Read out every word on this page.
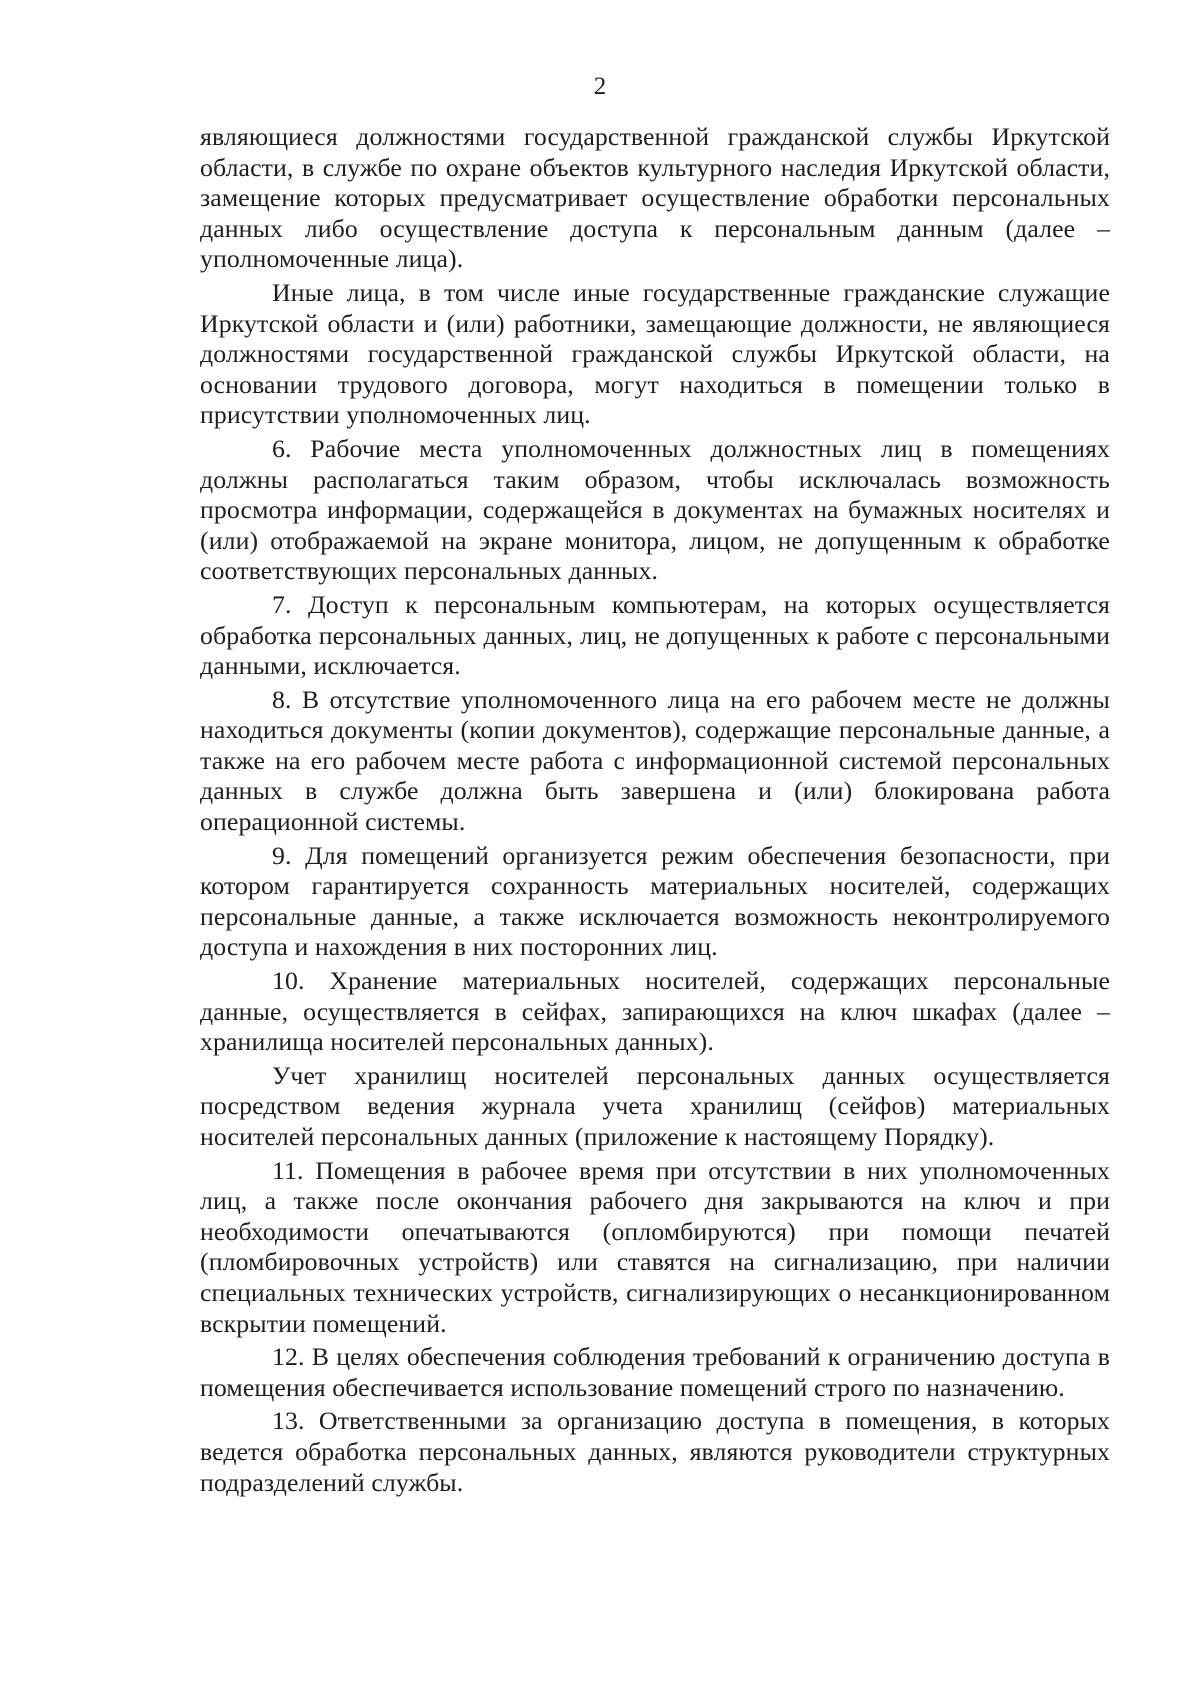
2

являющиеся должностями государственной гражданской службы Иркутской области, в службе по охране объектов культурного наследия Иркутской области, замещение которых предусматривает осуществление обработки персональных данных либо осуществление доступа к персональным данным (далее – уполномоченные лица).

Иные лица, в том числе иные государственные гражданские служащие Иркутской области и (или) работники, замещающие должности, не являющиеся должностями государственной гражданской службы Иркутской области, на основании трудового договора, могут находиться в помещении только в присутствии уполномоченных лиц.

6. Рабочие места уполномоченных должностных лиц в помещениях должны располагаться таким образом, чтобы исключалась возможность просмотра информации, содержащейся в документах на бумажных носителях и (или) отображаемой на экране монитора, лицом, не допущенным к обработке соответствующих персональных данных.

7. Доступ к персональным компьютерам, на которых осуществляется обработка персональных данных, лиц, не допущенных к работе с персональными данными, исключается.

8. В отсутствие уполномоченного лица на его рабочем месте не должны находиться документы (копии документов), содержащие персональные данные, а также на его рабочем месте работа с информационной системой персональных данных в службе должна быть завершена и (или) блокирована работа операционной системы.

9. Для помещений организуется режим обеспечения безопасности, при котором гарантируется сохранность материальных носителей, содержащих персональные данные, а также исключается возможность неконтролируемого доступа и нахождения в них посторонних лиц.

10. Хранение материальных носителей, содержащих персональные данные, осуществляется в сейфах, запирающихся на ключ шкафах (далее – хранилища носителей персональных данных).

Учет хранилищ носителей персональных данных осуществляется посредством ведения журнала учета хранилищ (сейфов) материальных носителей персональных данных (приложение к настоящему Порядку).

11. Помещения в рабочее время при отсутствии в них уполномоченных лиц, а также после окончания рабочего дня закрываются на ключ и при необходимости опечатываются (опломбируются) при помощи печатей (пломбировочных устройств) или ставятся на сигнализацию, при наличии специальных технических устройств, сигнализирующих о несанкционированном вскрытии помещений.

12. В целях обеспечения соблюдения требований к ограничению доступа в помещения обеспечивается использование помещений строго по назначению.

13. Ответственными за организацию доступа в помещения, в которых ведется обработка персональных данных, являются руководители структурных подразделений службы.
